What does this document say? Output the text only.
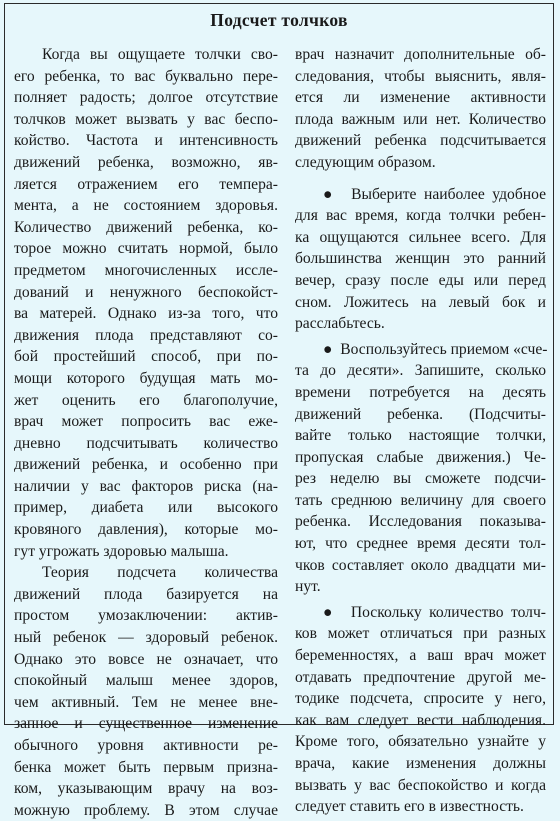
Подсчет толчков
Когда вы ощущаете толчки сво-
его ребенка, то вас буквально пере-
полняет радость; долгое отсутствие
толчков может вызвать у вас беспо-
койство. Частота и интенсивность
движений ребенка, возможно, яв-
ляется отражением его темпера-
мента, а не состоянием здоровья.
Количество движений ребенка, ко-
торое можно считать нормой, было
предметом многочисленных иссле-
дований и ненужного беспокойст-
ва матерей. Однако из-за того, что
движения плода представляют со-
бой простейший способ, при по-
мощи которого будущая мать мо-
жет оценить его благополучие,
врач может попросить вас еже-
дневно подсчитывать количество
движений ребенка, и особенно при
наличии у вас факторов риска (на-
пример, диабета или высокого
кровяного давления), которые мо-
гут угрожать здоровью малыша.
Теория подсчета количества
движений плода базируется на
простом умозаключении: актив-
ный ребенок — здоровый ребенок.
Однако это вовсе не означает, что
спокойный малыш менее здоров,
чем активный. Тем не менее вне-
запное и существенное изменение
обычного уровня активности ре-
бенка может быть первым призна-
ком, указывающим врачу на воз-
можную проблему. В этом случае
врач назначит дополнительные об-
следования, чтобы выяснить, явля-
ется ли изменение активности
плода важным или нет. Количество
движений ребенка подсчитывается
следующим образом.
● Выберите наиболее удобное
для вас время, когда толчки ребен-
ка ощущаются сильнее всего. Для
большинства женщин это ранний
вечер, сразу после еды или перед
сном. Ложитесь на левый бок и
расслабьтесь.
● Воспользуйтесь приемом «сче-
та до десяти». Запишите, сколько
времени потребуется на десять
движений ребенка. (Подсчиты-
вайте только настоящие толчки,
пропуская слабые движения.) Че-
рез неделю вы сможете подсчи-
тать среднюю величину для своего
ребенка. Исследования показыва-
ют, что среднее время десяти тол-
чков составляет около двадцати ми-
нут.
● Поскольку количество толч-
ков может отличаться при разных
беременностях, а ваш врач может
отдавать предпочтение другой ме-
тодике подсчета, спросите у него,
как вам следует вести наблюдения.
Кроме того, обязательно узнайте у
врача, какие изменения должны
вызвать у вас беспокойство и когда
следует ставить его в известность.
